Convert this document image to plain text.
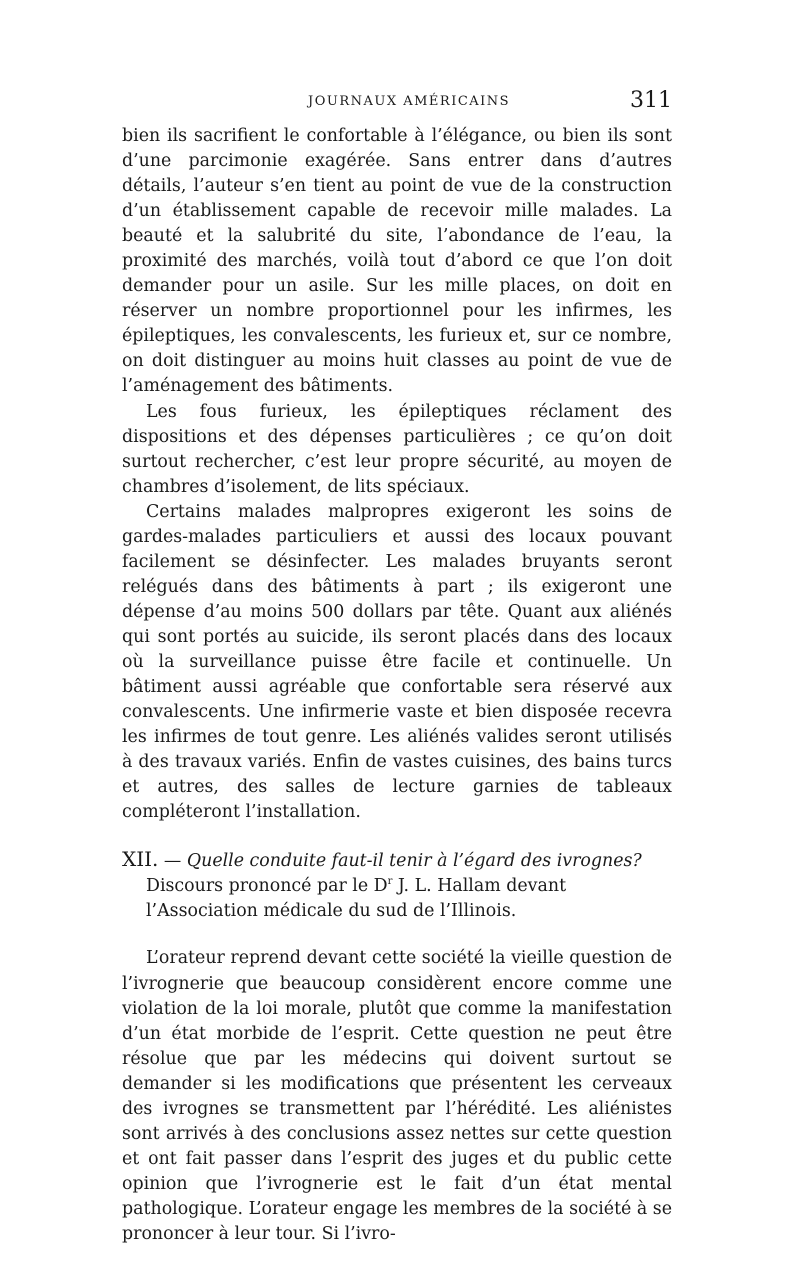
JOURNAUX AMÉRICAINS	311

bien ils sacrifient le confortable à l’élégance, ou bien ils sont d’une parcimonie exagérée. Sans entrer dans d’autres détails, l’auteur s’en tient au point de vue de la construction d’un établissement capable de recevoir mille malades. La beauté et la salubrité du site, l’abondance de l’eau, la proximité des marchés, voilà tout d’abord ce que l’on doit demander pour un asile. Sur les mille places, on doit en réserver un nombre proportionnel pour les infirmes, les épileptiques, les convalescents, les furieux et, sur ce nombre, on doit distinguer au moins huit classes au point de vue de l’aménagement des bâtiments.

Les fous furieux, les épileptiques réclament des dispositions et des dépenses particulières ; ce qu’on doit surtout rechercher, c’est leur propre sécurité, au moyen de chambres d’isolement, de lits spéciaux.

Certains malades malpropres exigeront les soins de gardes-malades particuliers et aussi des locaux pouvant facilement se désinfecter. Les malades bruyants seront relégués dans des bâtiments à part ; ils exigeront une dépense d’au moins 500 dollars par tête. Quant aux aliénés qui sont portés au suicide, ils seront placés dans des locaux où la surveillance puisse être facile et continuelle. Un bâtiment aussi agréable que confortable sera réservé aux convalescents. Une infirmerie vaste et bien disposée recevra les infirmes de tout genre. Les aliénés valides seront utilisés à des travaux variés. Enfin de vastes cuisines, des bains turcs et autres, des salles de lecture garnies de tableaux compléteront l’installation.

XII. — Quelle conduite faut-il tenir à l’égard des ivrognes?

Discours prononcé par le $D^r$ J. L. Hallam devant l’Association médicale du sud de l’Illinois.

L’orateur reprend devant cette société la vieille question de l’ivrognerie que beaucoup considèrent encore comme une violation de la loi morale, plutôt que comme la manifestation d’un état morbide de l’esprit. Cette question ne peut être résolue que par les médecins qui doivent surtout se demander si les modifications que présentent les cerveaux des ivrognes se transmettent par l’hérédité. Les aliénistes sont arrivés à des conclusions assez nettes sur cette question et ont fait passer dans l’esprit des juges et du public cette opinion que l’ivrognerie est le fait d’un état mental pathologique. L’orateur engage les membres de la société à se prononcer à leur tour. Si l’ivro-
